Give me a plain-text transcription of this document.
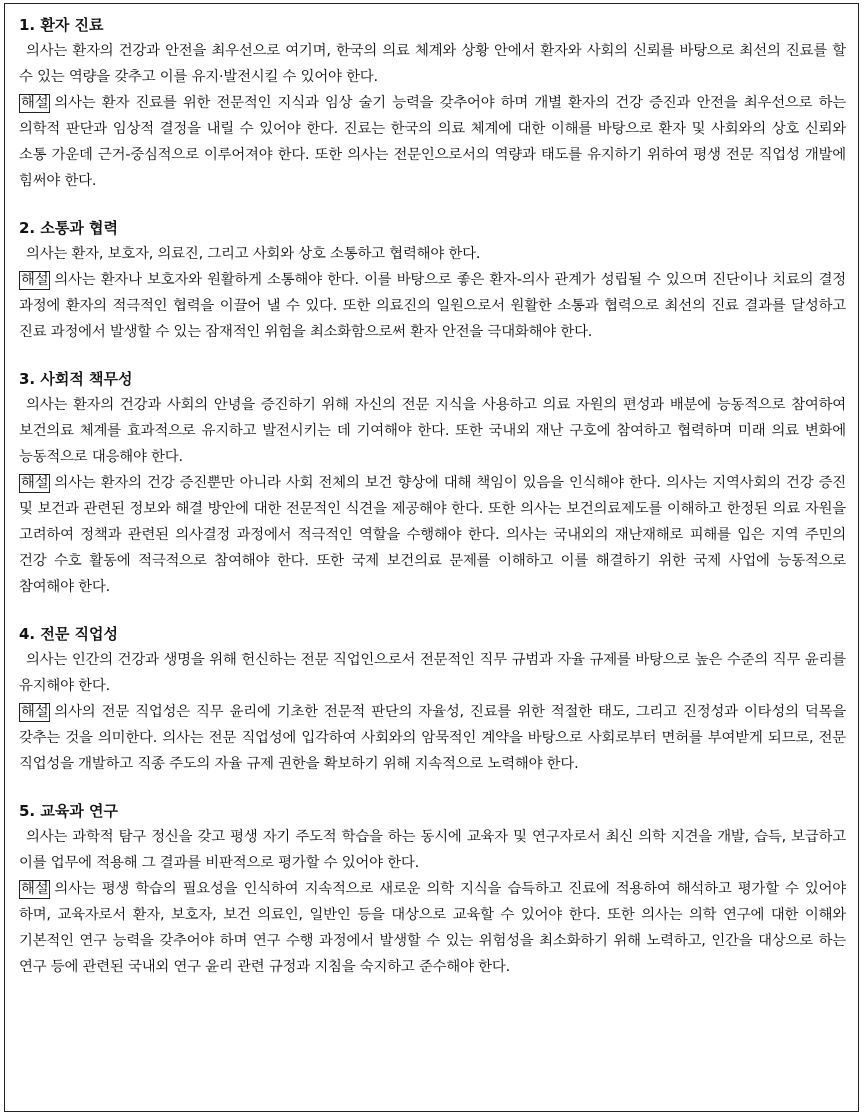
1. 환자 진료

의사는 환자의 건강과 안전을 최우선으로 여기며, 한국의 의료 체계와 상황 안에서 환자와 사회의 신뢰를 바탕으로 최선의 진료를 할 수 있는 역량을 갖추고 이를 유지·발전시킬 수 있어야 한다.

해설 의사는 환자 진료를 위한 전문적인 지식과 임상 술기 능력을 갖추어야 하며 개별 환자의 건강 증진과 안전을 최우선으로 하는 의학적 판단과 임상적 결정을 내릴 수 있어야 한다. 진료는 한국의 의료 체계에 대한 이해를 바탕으로 환자 및 사회와의 상호 신뢰와 소통 가운데 근거-중심적으로 이루어져야 한다. 또한 의사는 전문인으로서의 역량과 태도를 유지하기 위하여 평생 전문 직업성 개발에 힘써야 한다.

2. 소통과 협력

의사는 환자, 보호자, 의료진, 그리고 사회와 상호 소통하고 협력해야 한다.

해설 의사는 환자나 보호자와 원활하게 소통해야 한다. 이를 바탕으로 좋은 환자-의사 관계가 성립될 수 있으며 진단이나 치료의 결정 과정에 환자의 적극적인 협력을 이끌어 낼 수 있다. 또한 의료진의 일원으로서 원활한 소통과 협력으로 최선의 진료 결과를 달성하고 진료 과정에서 발생할 수 있는 잠재적인 위험을 최소화함으로써 환자 안전을 극대화해야 한다.

3. 사회적 책무성

의사는 환자의 건강과 사회의 안녕을 증진하기 위해 자신의 전문 지식을 사용하고 의료 자원의 편성과 배분에 능동적으로 참여하여 보건의료 체계를 효과적으로 유지하고 발전시키는 데 기여해야 한다. 또한 국내외 재난 구호에 참여하고 협력하며 미래 의료 변화에 능동적으로 대응해야 한다.

해설 의사는 환자의 건강 증진뿐만 아니라 사회 전체의 보건 향상에 대해 책임이 있음을 인식해야 한다. 의사는 지역사회의 건강 증진 및 보건과 관련된 정보와 해결 방안에 대한 전문적인 식견을 제공해야 한다. 또한 의사는 보건의료제도를 이해하고 한정된 의료 자원을 고려하여 정책과 관련된 의사결정 과정에서 적극적인 역할을 수행해야 한다. 의사는 국내외의 재난재해로 피해를 입은 지역 주민의 건강 수호 활동에 적극적으로 참여해야 한다. 또한 국제 보건의료 문제를 이해하고 이를 해결하기 위한 국제 사업에 능동적으로 참여해야 한다.

4. 전문 직업성

의사는 인간의 건강과 생명을 위해 헌신하는 전문 직업인으로서 전문적인 직무 규범과 자율 규제를 바탕으로 높은 수준의 직무 윤리를 유지해야 한다.

해설 의사의 전문 직업성은 직무 윤리에 기초한 전문적 판단의 자율성, 진료를 위한 적절한 태도, 그리고 진정성과 이타성의 덕목을 갖추는 것을 의미한다. 의사는 전문 직업성에 입각하여 사회와의 암묵적인 계약을 바탕으로 사회로부터 면허를 부여받게 되므로, 전문 직업성을 개발하고 직종 주도의 자율 규제 권한을 확보하기 위해 지속적으로 노력해야 한다.

5. 교육과 연구

의사는 과학적 탐구 정신을 갖고 평생 자기 주도적 학습을 하는 동시에 교육자 및 연구자로서 최신 의학 지견을 개발, 습득, 보급하고 이를 업무에 적용해 그 결과를 비판적으로 평가할 수 있어야 한다.

해설 의사는 평생 학습의 필요성을 인식하여 지속적으로 새로운 의학 지식을 습득하고 진료에 적용하여 해석하고 평가할 수 있어야 하며, 교육자로서 환자, 보호자, 보건 의료인, 일반인 등을 대상으로 교육할 수 있어야 한다. 또한 의사는 의학 연구에 대한 이해와 기본적인 연구 능력을 갖추어야 하며 연구 수행 과정에서 발생할 수 있는 위험성을 최소화하기 위해 노력하고, 인간을 대상으로 하는 연구 등에 관련된 국내외 연구 윤리 관련 규정과 지침을 숙지하고 준수해야 한다.
